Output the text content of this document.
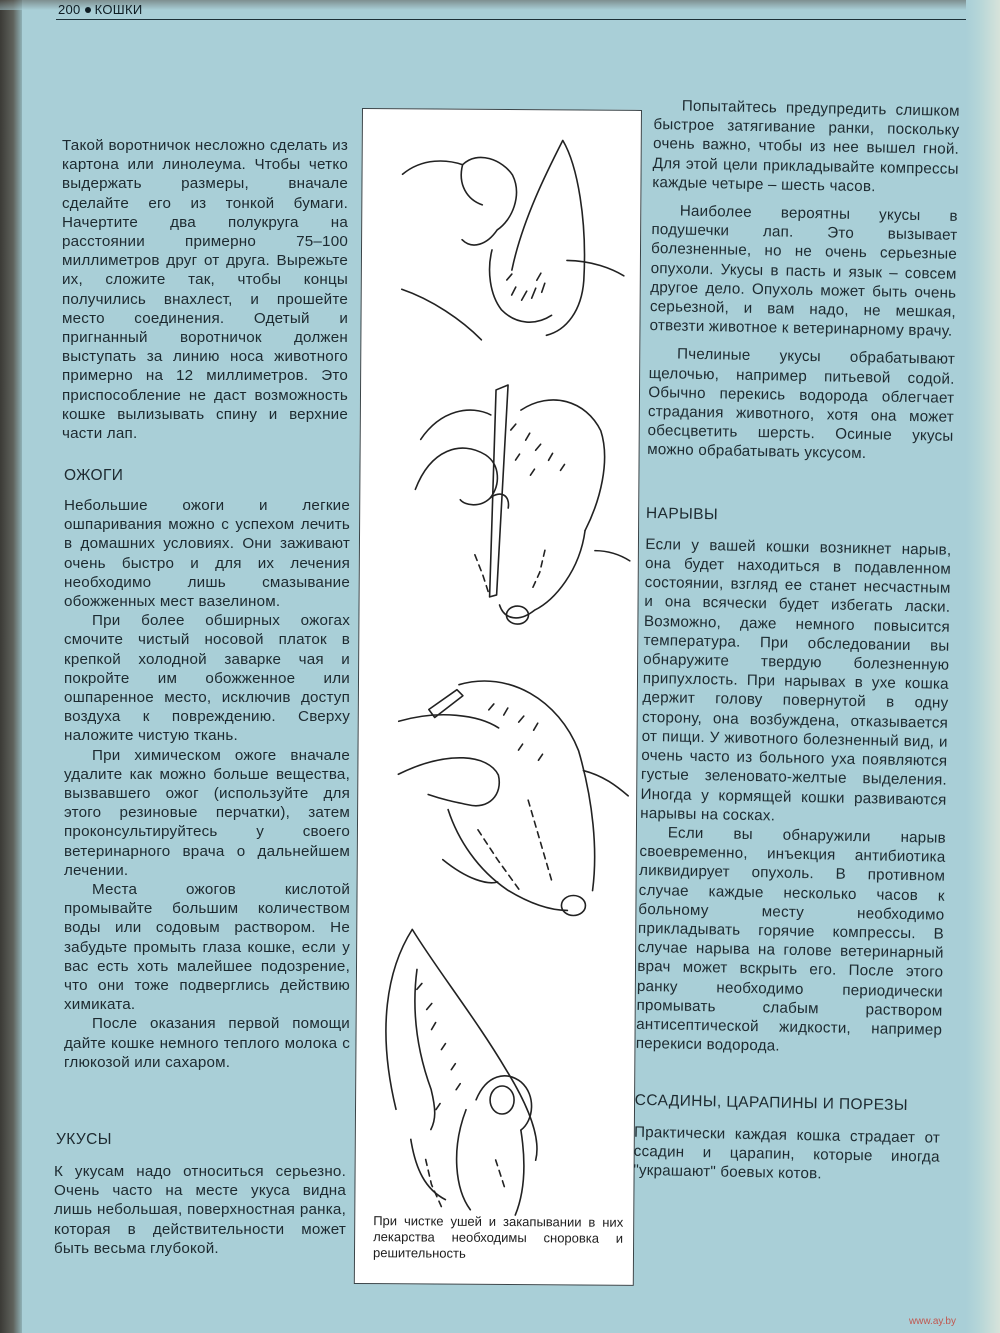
200 КОШКИ

Такой воротничок несложно сделать из картона или линолеума. Чтобы четко выдержать размеры, вначале сделайте его из тонкой бумаги. Начертите два полукруга на расстоянии примерно 75–100 миллиметров друг от друга. Вырежьте их, сложите так, чтобы концы получились внахлест, и прошейте место соединения. Одетый и пригнанный воротничок должен выступать за линию носа животного примерно на 12 миллиметров. Это приспособление не даст возможность кошке вылизывать спину и верхние части лап.

ОЖОГИ

Небольшие ожоги и легкие ошпаривания можно с успехом лечить в домашних условиях. Они заживают очень быстро и для их лечения необходимо лишь смазывание обожженных мест вазелином.

При более обширных ожогах смочите чистый носовой платок в крепкой холодной заварке чая и покройте им обожженное или ошпаренное место, исключив доступ воздуха к повреждению. Сверху наложите чистую ткань.

При химическом ожоге вначале удалите как можно больше вещества, вызвавшего ожог (используйте для этого резиновые перчатки), затем проконсультируйтесь у своего ветеринарного врача о дальнейшем лечении.

Места ожогов кислотой промывайте большим количеством воды или содовым раствором. Не забудьте промыть глаза кошке, если у вас есть хоть малейшее подозрение, что они тоже подверглись действию химиката.

После оказания первой помощи дайте кошке немного теплого молока с глюкозой или сахаром.

УКУСЫ

К укусам надо относиться серьезно. Очень часто на месте укуса видна лишь небольшая, поверхностная ранка, которая в действительности может быть весьма глубокой.

При чистке ушей и закапывании в них лекарства необходимы сноровка и решительность

Попытайтесь предупредить слишком быстрое затягивание ранки, поскольку очень важно, чтобы из нее вышел гной. Для этой цели прикладывайте компрессы каждые четыре – шесть часов.

Наиболее вероятны укусы в подушечки лап. Это вызывает болезненные, но не очень серьезные опухоли. Укусы в пасть и язык – совсем другое дело. Опухоль может быть очень серьезной, и вам надо, не мешкая, отвезти животное к ветеринарному врачу.

Пчелиные укусы обрабатывают щелочью, например питьевой содой. Обычно перекись водорода облегчает страдания животного, хотя она может обесцветить шерсть. Осиные укусы можно обрабатывать уксусом.

НАРЫВЫ

Если у вашей кошки возникнет нарыв, она будет находиться в подавленном состоянии, взгляд ее станет несчастным и она всячески будет избегать ласки. Возможно, даже немного повысится температура. При обследовании вы обнаружите твердую болезненную припухлость. При нарывах в ухе кошка держит голову повернутой в одну сторону, она возбуждена, отказывается от пищи. У животного болезненный вид, и очень часто из больного уха появляются густые зеленовато-желтые выделения. Иногда у кормящей кошки развиваются нарывы на сосках.

Если вы обнаружили нарыв своевременно, инъекция антибиотика ликвидирует опухоль. В противном случае каждые несколько часов к больному месту необходимо прикладывать горячие компрессы. В случае нарыва на голове ветеринарный врач может вскрыть его. После этого ранку необходимо периодически промывать слабым раствором антисептической жидкости, например перекиси водорода.

ССАДИНЫ, ЦАРАПИНЫ И ПОРЕЗЫ

Практически каждая кошка страдает от ссадин и царапин, которые иногда "украшают" боевых котов.

www.ay.by
